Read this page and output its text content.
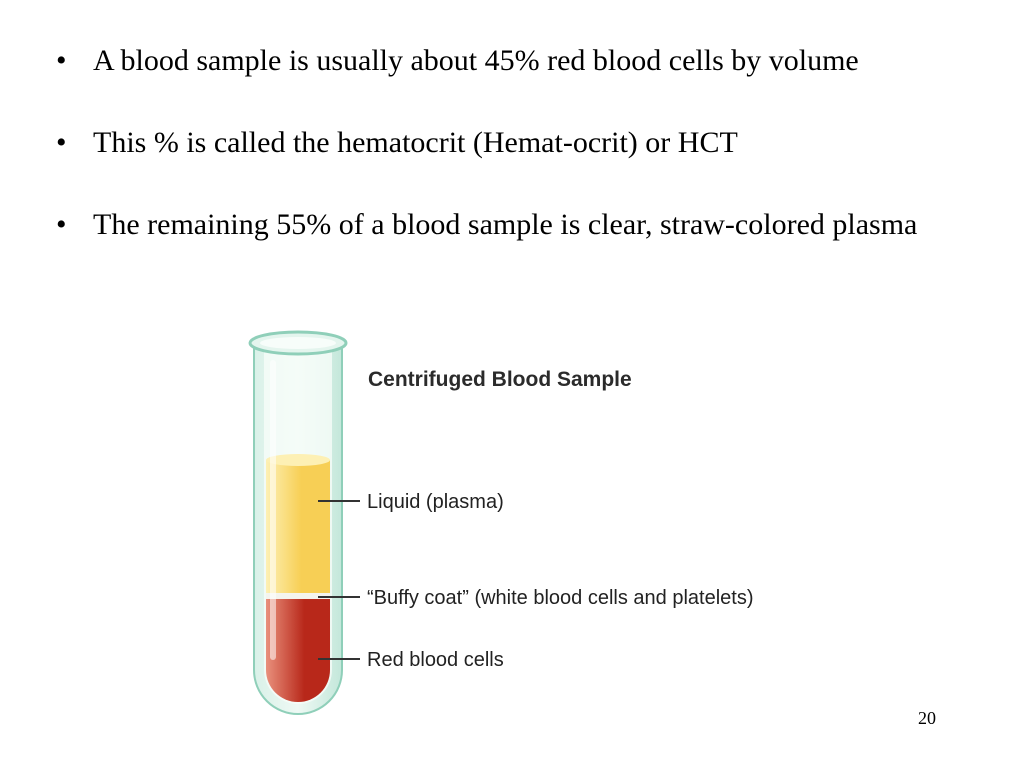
• A blood sample is usually about 45% red blood cells by volume
• This % is called the hematocrit (Hemat-ocrit) or HCT
• The remaining 55% of a blood sample is clear, straw-colored plasma
Centrifuged Blood Sample
Liquid (plasma)
“Buffy coat” (white blood cells and platelets)
Red blood cells
20
